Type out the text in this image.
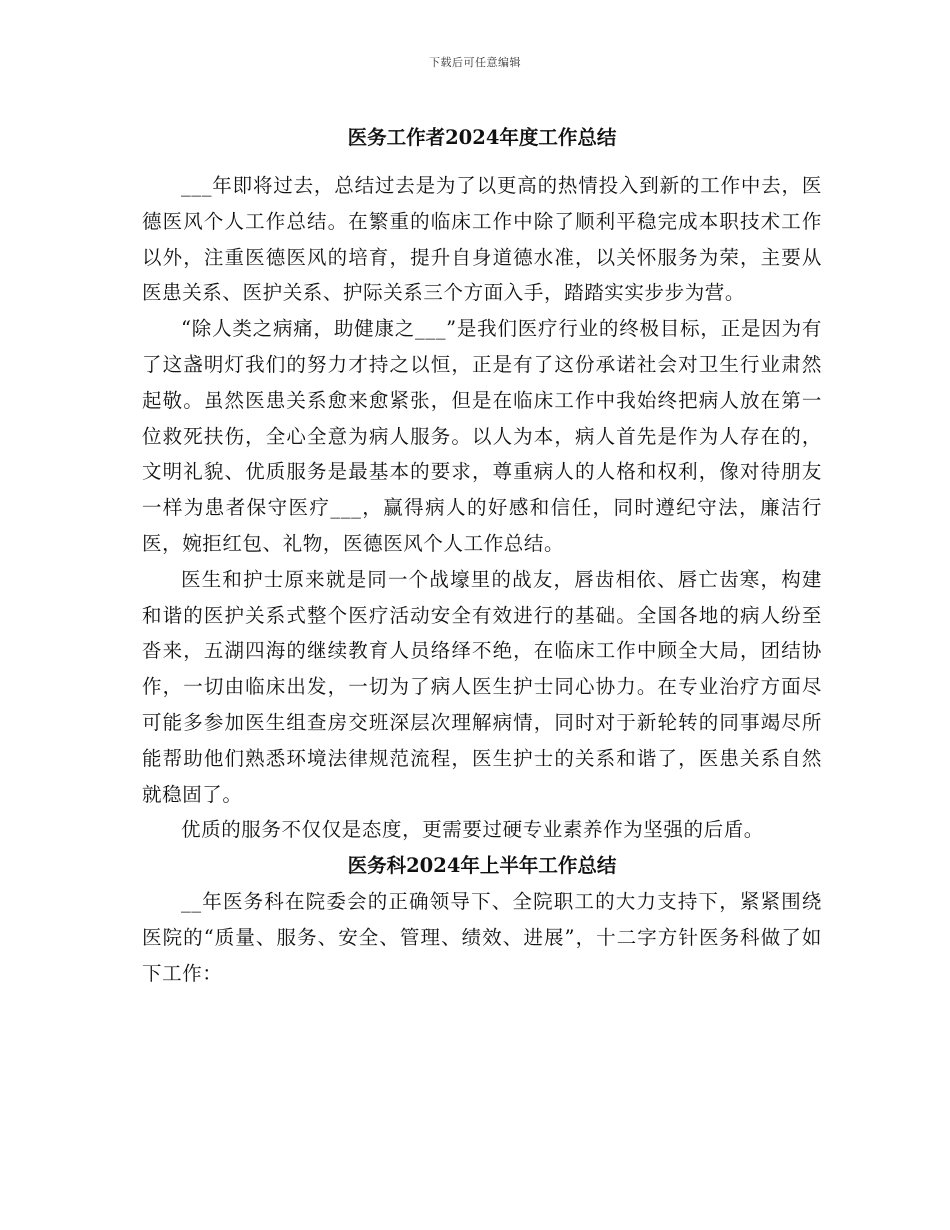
下载后可任意编辑
医务工作者2024年度工作总结

___年即将过去，总结过去是为了以更高的热情投入到新的工作中去，医德医风个人工作总结。在繁重的临床工作中除了顺利平稳完成本职技术工作以外，注重医德医风的培育，提升自身道德水准，以关怀服务为荣，主要从医患关系、医护关系、护际关系三个方面入手，踏踏实实步步为营。

“除人类之病痛，助健康之___”是我们医疗行业的终极目标，正是因为有了这盏明灯我们的努力才持之以恒，正是有了这份承诺社会对卫生行业肃然起敬。虽然医患关系愈来愈紧张，但是在临床工作中我始终把病人放在第一位救死扶伤，全心全意为病人服务。以人为本，病人首先是作为人存在的，文明礼貌、优质服务是最基本的要求，尊重病人的人格和权利，像对待朋友一样为患者保守医疗___，赢得病人的好感和信任，同时遵纪守法，廉洁行医，婉拒红包、礼物，医德医风个人工作总结。

医生和护士原来就是同一个战壕里的战友，唇齿相依、唇亡齿寒，构建和谐的医护关系式整个医疗活动安全有效进行的基础。全国各地的病人纷至沓来，五湖四海的继续教育人员络绎不绝，在临床工作中顾全大局，团结协作，一切由临床出发，一切为了病人医生护士同心协力。在专业治疗方面尽可能多参加医生组查房交班深层次理解病情，同时对于新轮转的同事竭尽所能帮助他们熟悉环境法律规范流程，医生护士的关系和谐了，医患关系自然就稳固了。

优质的服务不仅仅是态度，更需要过硬专业素养作为坚强的后盾。

医务科2024年上半年工作总结

__年医务科在院委会的正确领导下、全院职工的大力支持下，紧紧围绕医院的“质量、服务、安全、管理、绩效、进展”，十二字方针医务科做了如下工作：
